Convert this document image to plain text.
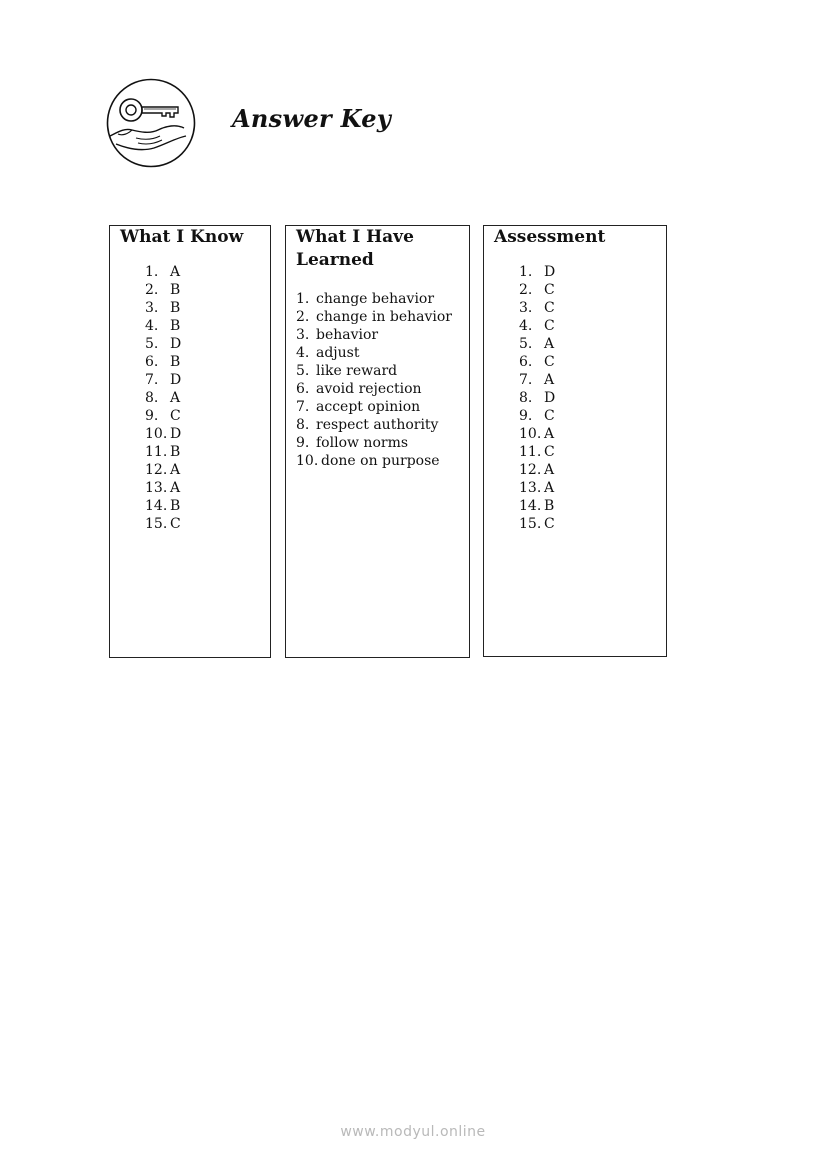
Answer Key
What I Know
1. A
2. B
3. B
4. B
5. D
6. B
7. D
8. A
9. C
10. D
11. B
12. A
13. A
14. B
15. C
What I Have
Learned
1. change behavior
2. change in behavior
3. behavior
4. adjust
5. like reward
6. avoid rejection
7. accept opinion
8. respect authority
9. follow norms
10. done on purpose
Assessment
1. D
2. C
3. C
4. C
5. A
6. C
7. A
8. D
9. C
10. A
11. C
12. A
13. A
14. B
15. C
www.modyul.online
